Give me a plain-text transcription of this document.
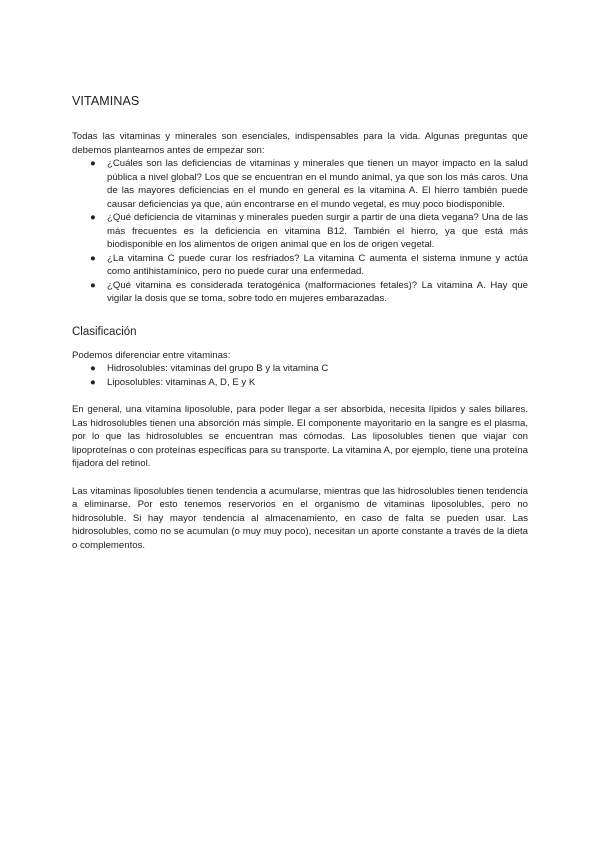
VITAMINAS

Todas las vitaminas y minerales son esenciales, indispensables para la vida. Algunas preguntas que debemos plantearnos antes de empezar son:

● ¿Cuáles son las deficiencias de vitaminas y minerales que tienen un mayor impacto en la salud pública a nivel global? Los que se encuentran en el mundo animal, ya que son los más caros. Una de las mayores deficiencias en el mundo en general es la vitamina A. El hierro también puede causar deficiencias ya que, aún encontrarse en el mundo vegetal, es muy poco biodisponible.
● ¿Qué deficiencia de vitaminas y minerales pueden surgir a partir de una dieta vegana? Una de las más frecuentes es la deficiencia en vitamina B12. También el hierro, ya que está más biodisponible en los alimentos de origen animal que en los de origen vegetal.
● ¿La vitamina C puede curar los resfriados? La vitamina C aumenta el sistema inmune y actúa como antihistamínico, pero no puede curar una enfermedad.
● ¿Qué vitamina es considerada teratogénica (malformaciones fetales)? La vitamina A. Hay que vigilar la dosis que se toma, sobre todo en mujeres embarazadas.
Clasificación

Podemos diferenciar entre vitaminas:

● Hidrosolubles: vitaminas del grupo B y la vitamina C
● Liposolubles: vitaminas A, D, E y K

En general, una vitamina liposoluble, para poder llegar a ser absorbida, necesita lípidos y sales biliares. Las hidrosolubles tienen una absorción más simple. El componente mayoritario en la sangre es el plasma, por lo que las hidrosolubles se encuentran mas cómodas. Las liposolubles tienen que viajar con lipoproteínas o con proteínas específicas para su transporte. La vitamina A, por ejemplo, tiene una proteína fijadora del retinol.

Las vitaminas liposolubles tienen tendencia a acumularse, mientras que las hidrosolubles tienen tendencia a eliminarse. Por esto tenemos reservorios en el organismo de vitaminas liposolubles, pero no hidrosoluble. Si hay mayor tendencia al almacenamiento, en caso de falta se pueden usar. Las hidrosolubles, como no se acumulan (o muy muy poco), necesitan un aporte constante a través de la dieta o complementos.
